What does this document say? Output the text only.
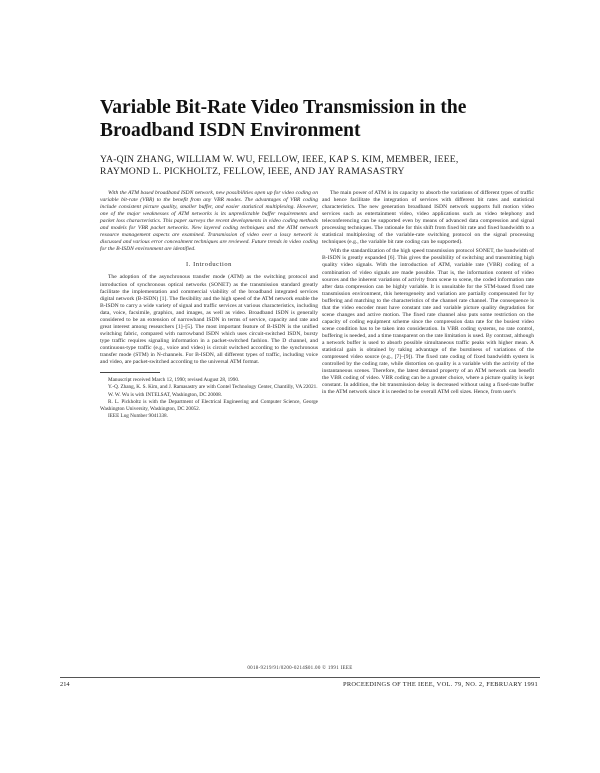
Variable Bit-Rate Video Transmission in the Broadband ISDN Environment
YA-QIN ZHANG, WILLIAM W. WU, FELLOW, IEEE, KAP S. KIM, MEMBER, IEEE,
RAYMOND L. PICKHOLTZ, FELLOW, IEEE, AND JAY RAMASASTRY

With the ATM based broadband ISDN network, new possibilities open up for video coding on variable bit-rate (VBR) to the benefit from any VBR modes. The advantages of VBR coding include consistent picture quality, smaller buffer, and easier statistical multiplexing. However, one of the major weaknesses of ATM networks is its unpredictable buffer requirements and packet loss characteristics. This paper surveys the recent developments in video coding methods and models for VBR packet networks. New layered coding techniques and the ATM network resource management aspects are examined. Transmission of video over a lossy network is discussed and various error concealment techniques are reviewed. Future trends in video coding for the B-ISDN environment are identified.

I. Introduction

The adoption of the asynchronous transfer mode (ATM) as the switching protocol and introduction of synchronous optical networks (SONET) as the transmission standard greatly facilitate the implementation and commercial viability of the broadband integrated services digital network (B-ISDN) [1]. The flexibility and the high speed of the ATM network enable the B-ISDN to carry a wide variety of signal and traffic services at various characteristics, including data, voice, facsimile, graphics, and images, as well as video. Broadband ISDN is generally considered to be an extension of narrowband ISDN in terms of service, capacity and rate and great interest among researchers [1]–[5]. The most important feature of B-ISDN is the unified switching fabric, compared with narrowband ISDN which uses circuit-switched ISDN, bursty type traffic requires signaling information in a packet-switched fashion. The D channel, and continuous-type traffic (e.g., voice and video) is circuit switched according to the synchronous transfer mode (STM) in N-channels. For B-ISDN, all different types of traffic, including voice and video, are packet-switched according to the universal ATM format.

Manuscript received March 12, 1990; revised August 28, 1990.

Y.-Q. Zhang, K. S. Kim, and J. Ramasastry are with Contel Technology Center, Chantilly, VA 22021.

W. W. Wu is with INTELSAT, Washington, DC 20008.

R. L. Pickholtz is with the Department of Electrical Engineering and Computer Science, George Washington University, Washington, DC 20052.

IEEE Log Number 9041338.

The main power of ATM is its capacity to absorb the variations of different types of traffic and hence facilitate the integration of services with different bit rates and statistical characteristics. The new generation broadband ISDN network supports full motion video services such as entertainment video, video applications such as video telephony and teleconferencing can be supported even by means of advanced data compression and signal processing techniques. The rationale for this shift from fixed bit rate and fixed bandwidth to a statistical multiplexing of the variable-rate switching protocol on the signal processing techniques (e.g., the variable bit rate coding can be supported).

With the standardization of the high speed transmission protocol SONET, the bandwidth of B-ISDN is greatly expanded [6]. This gives the possibility of switching and transmitting high quality video signals. With the introduction of ATM, variable rate (VBR) coding of a combination of video signals are made possible. That is, the information content of video sources and the inherent variations of activity from scene to scene, the coded information rate after data compression can be highly variable. It is unsuitable for the STM-based fixed rate transmission environment, this heterogeneity and variation are partially compensated for by buffering and matching to the characteristics of the channel rate channel. The consequence is that the video encoder must have constant rate and variable picture quality degradation for scene changes and active motion. The fixed rate channel also puts some restriction on the capacity of coding equipment scheme since the compression data rate for the busiest video scene condition has to be taken into consideration. In VBR coding systems, no rate control, buffering is needed, and a time transparent on the rate limitation is used. By contrast, although a network buffer is used to absorb possible simultaneous traffic peaks with higher mean. A statistical gain is obtained by taking advantage of the burstiness of variations of the compressed video source (e.g., [7]–[9]). The fixed rate coding of fixed bandwidth system is controlled by the coding rate, while distortion on quality is a variable with the activity of the instantaneous scenes. Therefore, the latest demand property of an ATM network can benefit the VBR coding of video. VBR coding can be a greater choice, where a picture quality is kept constant. In addition, the bit transmission delay is decreased without using a fixed-rate buffer in the ATM network since it is needed to be overall ATM cell sizes. Hence, from user's

0018-9219/91/0200-0214$01.00 © 1991 IEEE
214	PROCEEDINGS OF THE IEEE, VOL. 79, NO. 2, FEBRUARY 1991
